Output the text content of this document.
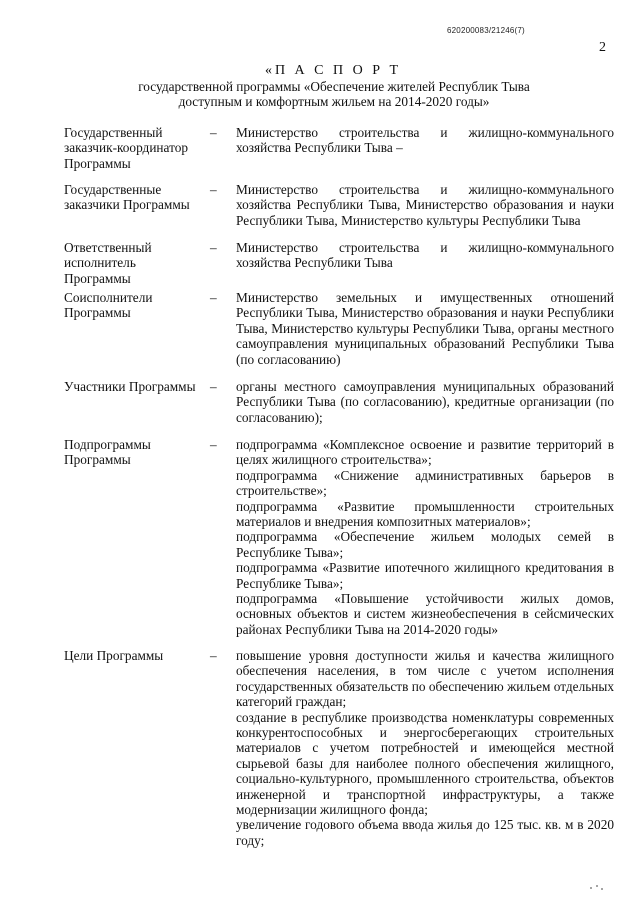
620200083/21246(7)
2
«П А С П О Р Т
государственной программы «Обеспечение жителей Республик Тыва
доступным и комфортным жильем на 2014-2020 годы»
Государственный заказчик-координатор Программы
– Министерство строительства и жилищно-коммунального хозяйства Республики Тыва –

Государственные заказчики Программы
– Министерство строительства и жилищно-коммунального хозяйства Республики Тыва, Министерство образования и науки Республики Тыва, Министерство культуры Республики Тыва

Ответственный исполнитель Программы
– Министерство строительства и жилищно-коммунального хозяйства Республики Тыва

Соисполнители Программы
– Министерство земельных и имущественных отношений Республики Тыва, Министерство образования и науки Республики Тыва, Министерство культуры Республики Тыва, органы местного самоуправления муниципальных образований Республики Тыва (по согласованию)

Участники Программы	– органы местного самоуправления муниципальных образований Республики Тыва (по согласованию), кредитные организации (по согласованию);

Подпрограммы Программы
– подпрограмма «Комплексное освоение и развитие территорий в целях жилищного строительства»;

подпрограмма «Снижение административных барьеров в строительстве»;

подпрограмма «Развитие промышленности строительных материалов и внедрения композитных материалов»;

подпрограмма «Обеспечение жильем молодых семей в Республике Тыва»;

подпрограмма «Развитие ипотечного жилищного кредитования в Республике Тыва»;

подпрограмма «Повышение устойчивости жилых домов, основных объектов и систем жизнеобеспечения в сейсмических районах Республики Тыва на 2014-2020 годы»

Цели Программы	– повышение уровня доступности жилья и качества жилищного обеспечения населения, в том числе с учетом исполнения государственных обязательств по обеспечению жильем отдельных категорий граждан;

создание в республике производства номенклатуры современных конкурентоспособных и энергосберегающих строительных материалов с учетом потребностей и имеющейся местной сырьевой базы для наиболее полного обеспечения жилищного, социально-культурного, промышленного строительства, объектов инженерной и транспортной инфраструктуры, а также модернизации жилищного фонда;

увеличение годового объема ввода жилья до 125 тыс. кв. м в 2020 году;
